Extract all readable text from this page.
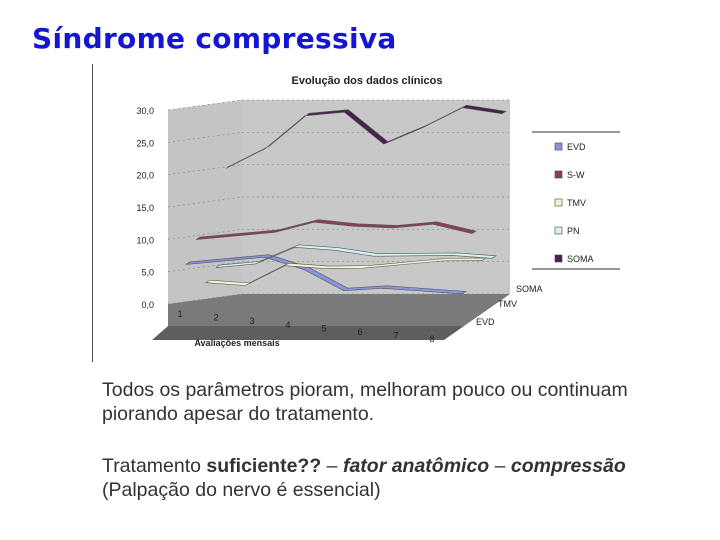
Síndrome compressiva
Evolução dos dados clínicos
30,0
25,0
20,0
15,0
10,0
5,0
0,0
1	2	3	4	5	6	7	8
SOMA
TMV
EVD
Avaliações mensais
EVD
S-W
TMV
PN
SOMA
Todos os parâmetros pioram, melhoram pouco ou continuam piorando apesar do tratamento.
Tratamento suficiente?? – fator anatômico – compressão (Palpação do nervo é essencial)
